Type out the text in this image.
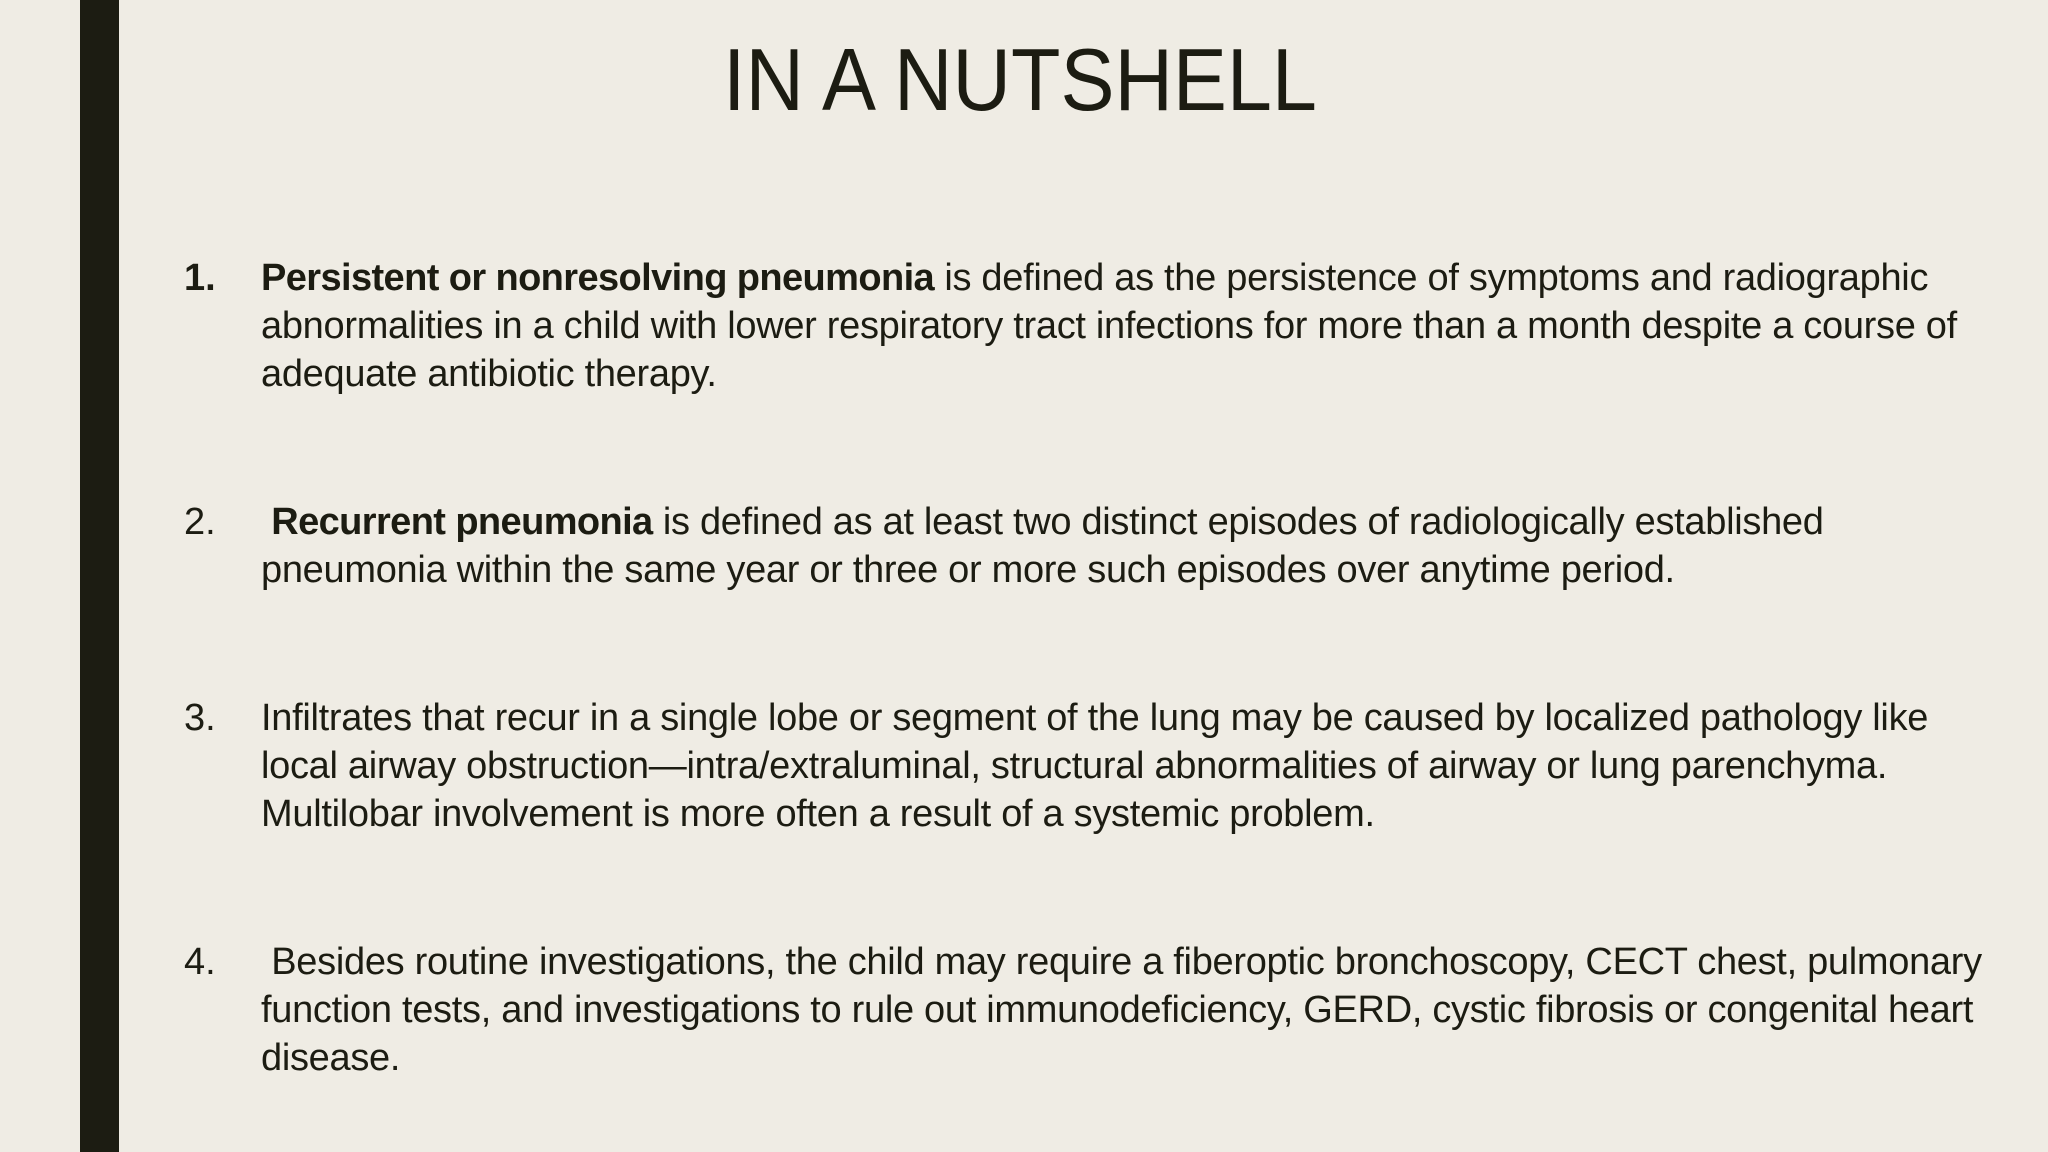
IN A NUTSHELL
1. Persistent or nonresolving pneumonia is defined as the persistence of symptoms and radiographic abnormalities in a child with lower respiratory tract infections for more than a month despite a course of adequate antibiotic therapy.
2. Recurrent pneumonia is defined as at least two distinct episodes of radiologically established pneumonia within the same year or three or more such episodes over anytime period.
3. Infiltrates that recur in a single lobe or segment of the lung may be caused by localized pathology like local airway obstruction—intra/extraluminal, structural abnormalities of airway or lung parenchyma. Multilobar involvement is more often a result of a systemic problem.
4. Besides routine investigations, the child may require a fiberoptic bronchoscopy, CECT chest, pulmonary function tests, and investigations to rule out immunodeficiency, GERD, cystic fibrosis or congenital heart disease.
